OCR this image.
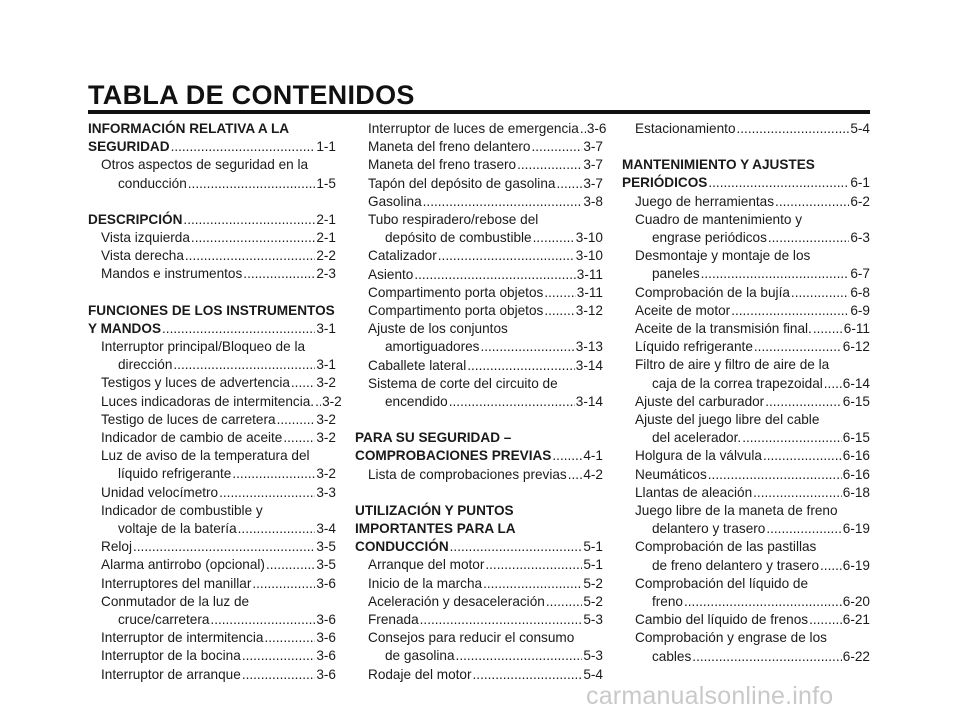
TABLA DE CONTENIDOS
INFORMACIÓN RELATIVA A LA
SEGURIDAD .....	1-1
Otros aspectos de seguridad en la
conducción .....	1-5
DESCRIPCIÓN .....	2-1
Vista izquierda .....	2-1
Vista derecha .....	2-2
Mandos e instrumentos .....	2-3
FUNCIONES DE LOS INSTRUMENTOS
Y MANDOS .....	3-1
Interruptor principal/Bloqueo de la
dirección .....	3-1
Testigos y luces de advertencia ..... 3-2
Luces indicadoras de intermitencia. ..... 3-2
Testigo de luces de carretera .....	3-2
Indicador de cambio de aceite ..... 3-2
Luz de aviso de la temperatura del
líquido refrigerante .....	3-2
Unidad velocímetro .....	3-3
Indicador de combustible y
voltaje de la batería .....	3-4
Reloj .....	3-5
Alarma antirrobo (opcional) .....	3-5
Interruptores del manillar .....	3-6
Conmutador de la luz de
cruce/carretera .....	3-6
Interruptor de intermitencia .....	3-6
Interruptor de la bocina .....	3-6
Interruptor de arranque .....	3-6
Interruptor de luces de emergencia ..... 3-6
Maneta del freno delantero .....	3-7
Maneta del freno trasero .....	3-7
Tapón del depósito de gasolina ..... 3-7
Gasolina .....	3-8
Tubo respiradero/rebose del
depósito de combustible .....	3-10
Catalizador .....	3-10
Asiento .....	3-11
Compartimento porta objetos ..... 3-11
Compartimento porta objetos ..... 3-12
Ajuste de los conjuntos
amortiguadores .....	3-13
Caballete lateral .....	3-14
Sistema de corte del circuito de
encendido .....	3-14
PARA SU SEGURIDAD –
COMPROBACIONES PREVIAS ..... 4-1
Lista de comprobaciones previas ..... 4-2
UTILIZACIÓN Y PUNTOS
IMPORTANTES PARA LA
CONDUCCIÓN .....	5-1
Arranque del motor .....	5-1
Inicio de la marcha .....	5-2
Aceleración y desaceleración .....	5-2
Frenada .....	5-3
Consejos para reducir el consumo
de gasolina .....	5-3
Rodaje del motor .....	5-4
Estacionamiento .....	5-4
MANTENIMIENTO Y AJUSTES
PERIÓDICOS .....	6-1
Juego de herramientas .....	6-2
Cuadro de mantenimiento y
engrase periódicos .....	6-3
Desmontaje y montaje de los
paneles .....	6-7
Comprobación de la bujía .....	6-8
Aceite de motor .....	6-9
Aceite de la transmisión final. ..... 6-11
Líquido refrigerante .....	6-12
Filtro de aire y filtro de aire de la
caja de la correa trapezoidal ..... 6-14
Ajuste del carburador .....	6-15
Ajuste del juego libre del cable
del acelerador. .....	6-15
Holgura de la válvula .....	6-16
Neumáticos .....	6-16
Llantas de aleación .....	6-18
Juego libre de la maneta de freno
delantero y trasero .....	6-19
Comprobación de las pastillas
de freno delantero y trasero ..... 6-19
Comprobación del líquido de
freno .....	6-20
Cambio del líquido de frenos .....	6-21
Comprobación y engrase de los
cables .....	6-22
carmanualsonline.info
